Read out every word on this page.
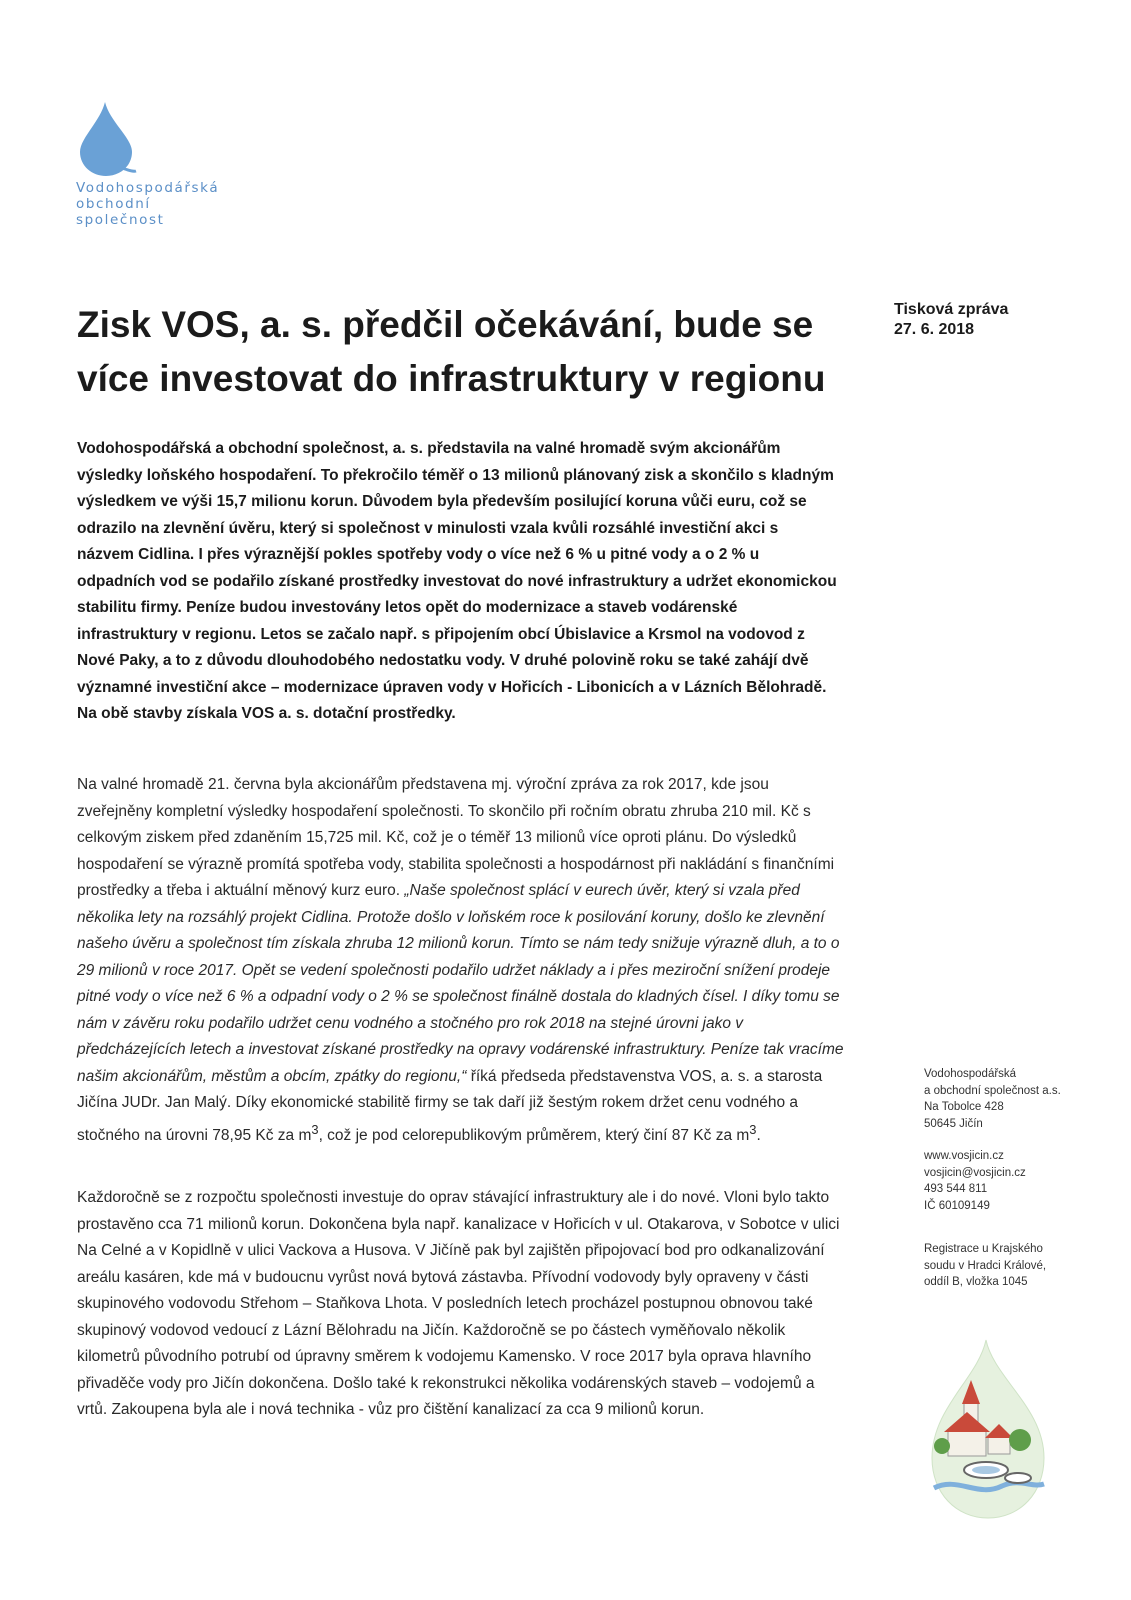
Vodohospodářská
obchodní
společnost
Zisk VOS, a. s. předčil očekávání, bude se více investovat do infrastruktury v regionu
Tisková zpráva
27. 6. 2018

Vodohospodářská a obchodní společnost, a. s. představila na valné hromadě svým akcionářům výsledky loňského hospodaření. To překročilo téměř o 13 milionů plánovaný zisk a skončilo s kladným výsledkem ve výši 15,7 milionu korun. Důvodem byla především posilující koruna vůči euru, což se odrazilo na zlevnění úvěru, který si společnost v minulosti vzala kvůli rozsáhlé investiční akci s názvem Cidlina. I přes výraznější pokles spotřeby vody o více než 6 % u pitné vody a o 2 % u odpadních vod se podařilo získané prostředky investovat do nové infrastruktury a udržet ekonomickou stabilitu firmy. Peníze budou investovány letos opět do modernizace a staveb vodárenské infrastruktury v regionu. Letos se začalo např. s připojením obcí Úbislavice a Krsmol na vodovod z Nové Paky, a to z důvodu dlouhodobého nedostatku vody. V druhé polovině roku se také zahájí dvě významné investiční akce – modernizace úpraven vody v Hořicích - Libonicích a v Lázních Bělohradě. Na obě stavby získala VOS a. s. dotační prostředky.

Na valné hromadě 21. června byla akcionářům představena mj. výroční zpráva za rok 2017, kde jsou zveřejněny kompletní výsledky hospodaření společnosti. To skončilo při ročním obratu zhruba 210 mil. Kč s celkovým ziskem před zdaněním 15,725 mil. Kč, což je o téměř 13 milionů více oproti plánu. Do výsledků hospodaření se výrazně promítá spotřeba vody, stabilita společnosti a hospodárnost při nakládání s finančními prostředky a třeba i aktuální měnový kurz euro. „Naše společnost splácí v eurech úvěr, který si vzala před několika lety na rozsáhlý projekt Cidlina. Protože došlo v loňském roce k posilování koruny, došlo ke zlevnění našeho úvěru a společnost tím získala zhruba 12 milionů korun. Tímto se nám tedy snižuje výrazně dluh, a to o 29 milionů v roce 2017. Opět se vedení společnosti podařilo udržet náklady a i přes meziroční snížení prodeje pitné vody o více než 6 % a odpadní vody o 2 % se společnost finálně dostala do kladných čísel. I díky tomu se nám v závěru roku podařilo udržet cenu vodného a stočného pro rok 2018 na stejné úrovni jako v předcházejících letech a investovat získané prostředky na opravy vodárenské infrastruktury. Peníze tak vracíme našim akcionářům, městům a obcím, zpátky do regionu,“ říká předseda představenstva VOS, a. s. a starosta Jičína JUDr. Jan Malý. Díky ekonomické stabilitě firmy se tak daří již šestým rokem držet cenu vodného a stočného na úrovni 78,95 Kč za $m^3$, což je pod celorepublikovým průměrem, který činí 87 Kč za $m^3$.

Každoročně se z rozpočtu společnosti investuje do oprav stávající infrastruktury ale i do nové. Vloni bylo takto prostavěno cca 71 milionů korun. Dokončena byla např. kanalizace v Hořicích v ul. Otakarova, v Sobotce v ulici Na Celné a v Kopidlně v ulici Vackova a Husova. V Jičíně pak byl zajištěn připojovací bod pro odkanalizování areálu kasáren, kde má v budoucnu vyrůst nová bytová zástavba. Přívodní vodovody byly opraveny v části skupinového vodovodu Střehom – Staňkova Lhota. V posledních letech procházel postupnou obnovou také skupinový vodovod vedoucí z Lázní Bělohradu na Jičín. Každoročně se po částech vyměňovalo několik kilometrů původního potrubí od úpravny směrem k vodojemu Kamensko. V roce 2017 byla oprava hlavního přivaděče vody pro Jičín dokončena. Došlo také k rekonstrukci několika vodárenských staveb – vodojemů a vrtů. Zakoupena byla ale i nová technika - vůz pro čištění kanalizací za cca 9 milionů korun.

Vodohospodářská
a obchodní společnost a.s.
Na Tobolce 428
50645 Jičín
www.vosjicin.cz
vosjicin@vosjicin.cz
493 544 811
IČ 60109149
Registrace u Krajského
soudu v Hradci Králové,
oddíl B, vložka 1045
